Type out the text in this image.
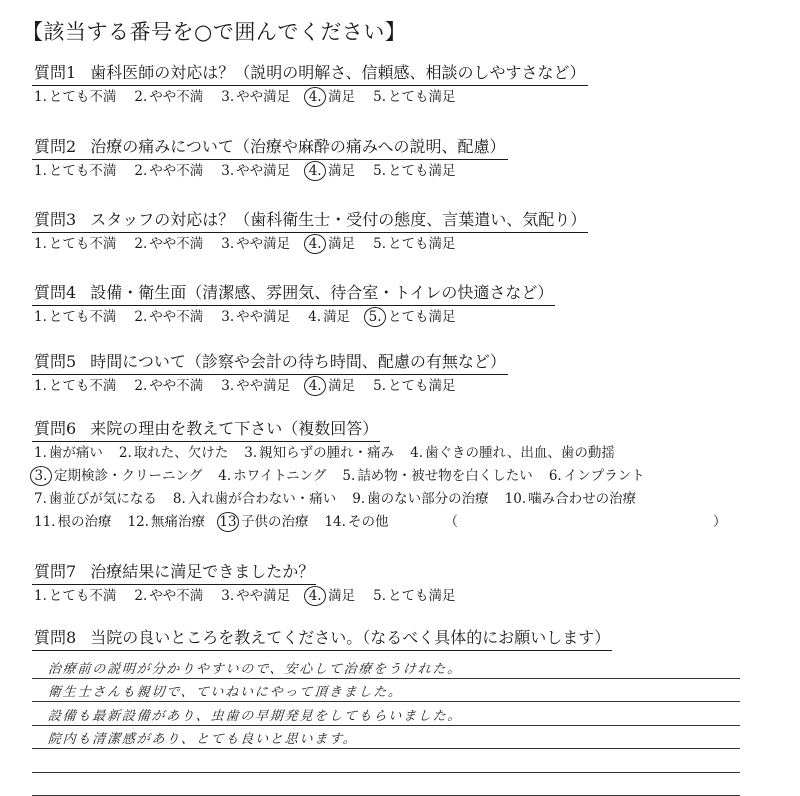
【該当する番号を○で囲んでください】
質問1 歯科医師の対応は？（説明の明解さ、信頼感、相談のしやすさなど）
1. とても不満 2. やや不満 3. やや満足 4. 満足 5. とても満足
質問2 治療の痛みについて（治療や麻酔の痛みへの説明、配慮）
1. とても不満 2. やや不満 3. やや満足 4. 満足 5. とても満足
質問3 スタッフの対応は？（歯科衛生士・受付の態度、言葉遣い、気配り）
1. とても不満 2. やや不満 3. やや満足 4. 満足 5. とても満足
質問4 設備・衛生面（清潔感、雰囲気、待合室・トイレの快適さなど）
1. とても不満 2. やや不満 3. やや満足 4. 満足 5. とても満足
質問5 時間について（診察や会計の待ち時間、配慮の有無など）
1. とても不満 2. やや不満 3. やや満足 4. 満足 5. とても満足
質問6 来院の理由を教えて下さい（複数回答）
1. 歯が痛い 2. 取れた、欠けた 3. 親知らずの腫れ・痛み 4. 歯ぐきの腫れ、出血、歯の動揺
3. 定期検診・クリーニング 4. ホワイトニング 5. 詰め物・被せ物を白くしたい 6. インプラント
7. 歯並びが気になる 8. 入れ歯が合わない・痛い 9. 歯のない部分の治療 10. 噛み合わせの治療
11. 根の治療 12. 無痛治療 13 子供の治療 14. その他	（	）
質問7 治療結果に満足できましたか？
1. とても不満 2. やや不満 3. やや満足 4. 満足 5. とても満足
質問8 当院の良いところを教えてください。（なるべく具体的にお願いします）
治療前の説明が分かりやすいので、安心して治療をうけれた。
衛生士さんも親切で、ていねいにやって頂きました。
設備も最新設備があり、虫歯の早期発見をしてもらいました。
院内も清潔感があり、とても良いと思います。
